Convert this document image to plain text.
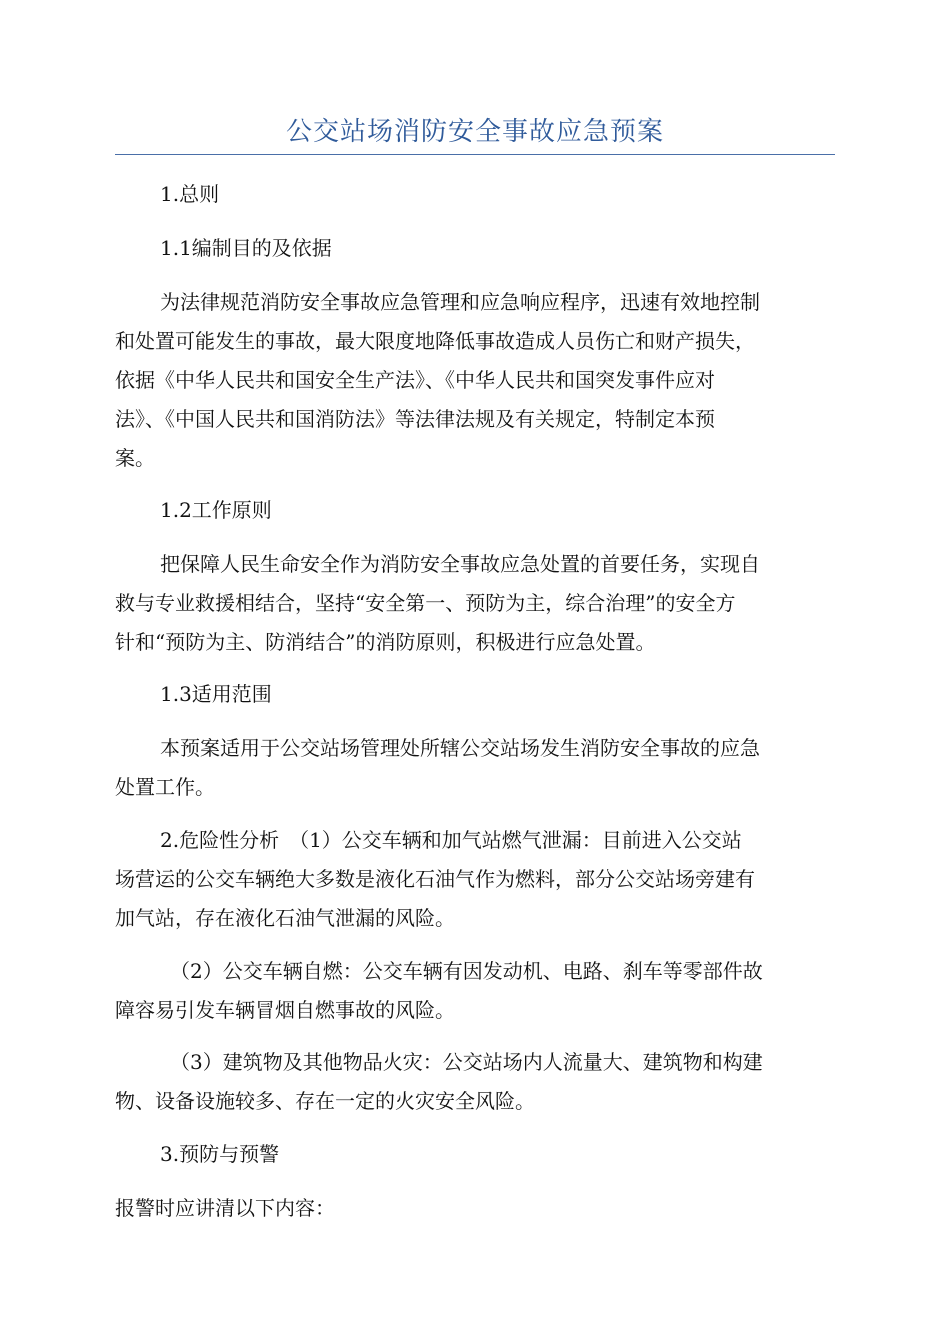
公交站场消防安全事故应急预案
1.总则
1.1编制目的及依据
为法律规范消防安全事故应急管理和应急响应程序，迅速有效地控制
和处置可能发生的事故，最大限度地降低事故造成人员伤亡和财产损失，
依据《中华人民共和国安全生产法》、《中华人民共和国突发事件应对
法》、《中国人民共和国消防法》等法律法规及有关规定，特制定本预
案。
1.2工作原则
把保障人民生命安全作为消防安全事故应急处置的首要任务，实现自
救与专业救援相结合，坚持“安全第一、预防为主，综合治理”的安全方
针和“预防为主、防消结合”的消防原则，积极进行应急处置。
1.3适用范围
本预案适用于公交站场管理处所辖公交站场发生消防安全事故的应急
处置工作。
2.危险性分析　（1）公交车辆和加气站燃气泄漏：目前进入公交站
场营运的公交车辆绝大多数是液化石油气作为燃料，部分公交站场旁建有
加气站，存在液化石油气泄漏的风险。
（2）公交车辆自燃：公交车辆有因发动机、电路、刹车等零部件故
障容易引发车辆冒烟自燃事故的风险。
（3）建筑物及其他物品火灾：公交站场内人流量大、建筑物和构建
物、设备设施较多、存在一定的火灾安全风险。
3.预防与预警
报警时应讲清以下内容：
